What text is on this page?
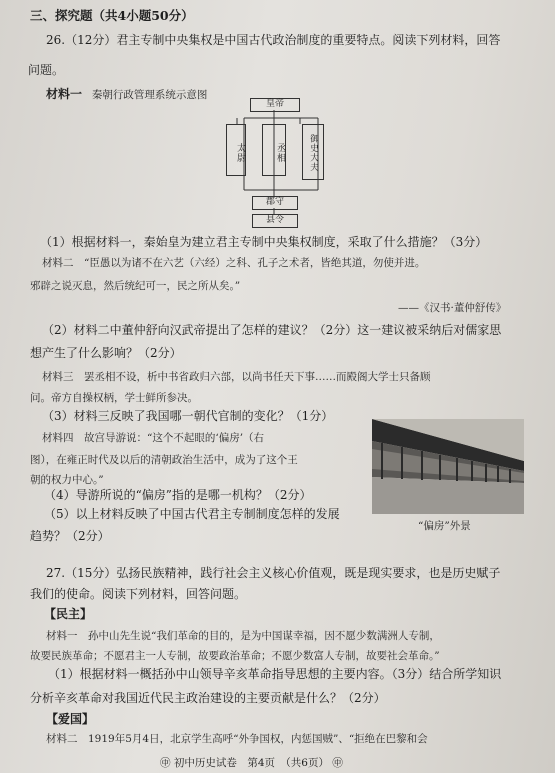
三、探究题（共4小题50分）
26.（12分）君主专制中央集权是中国古代政治制度的重要特点。阅读下列材料，回答
问题。
材料一 秦朝行政管理系统示意图
皇帝
太尉	丞相	御史大夫
郡守
县令
（1）根据材料一，秦始皇为建立君主专制中央集权制度，采取了什么措施？（3分）
材料二　“臣愚以为诸不在六艺（六经）之科、孔子之术者，皆绝其道，勿使并进。
邪辟之说灭息，然后统纪可一，民之所从矣。”
——《汉书·董仲舒传》
（2）材料二中董仲舒向汉武帝提出了怎样的建议？（2分）这一建议被采纳后对儒家思
想产生了什么影响？（2分）
材料三　罢丞相不设，析中书省政归六部，以尚书任天下事……而殿阁大学士只备顾
问。帝方自操权柄，学士鲜所参决。
（3）材料三反映了我国哪一朝代官制的变化？（1分）
材料四　故宫导游说：“这个不起眼的‘偏房’（右
图），在雍正时代及以后的清朝政治生活中，成为了这个王
朝的权力中心。”
（4）导游所说的“偏房”指的是哪一机构？（2分）
（5）以上材料反映了中国古代君主专制制度怎样的发展
趋势？（2分）
“偏房”外景
27.（15分）弘扬民族精神，践行社会主义核心价值观，既是现实要求，也是历史赋子
我们的使命。阅读下列材料，回答问题。
【民主】
材料一　孙中山先生说“我们革命的目的，是为中国谋幸福，因不愿少数满洲人专制，
故要民族革命；不愿君主一人专制，故要政治革命；不愿少数富人专制，故要社会革命。”
（1）根据材料一概括孙中山领导辛亥革命指导思想的主要内容。（3分）结合所学知识
分析辛亥革命对我国近代民主政治建设的主要贡献是什么？（2分）
【爱国】
材料二　1919年5月4日，北京学生高呼“外争国权，内惩国贼”、“拒绝在巴黎和会
㊥ 初中历史试卷　第4页　（共6页） ㊥
